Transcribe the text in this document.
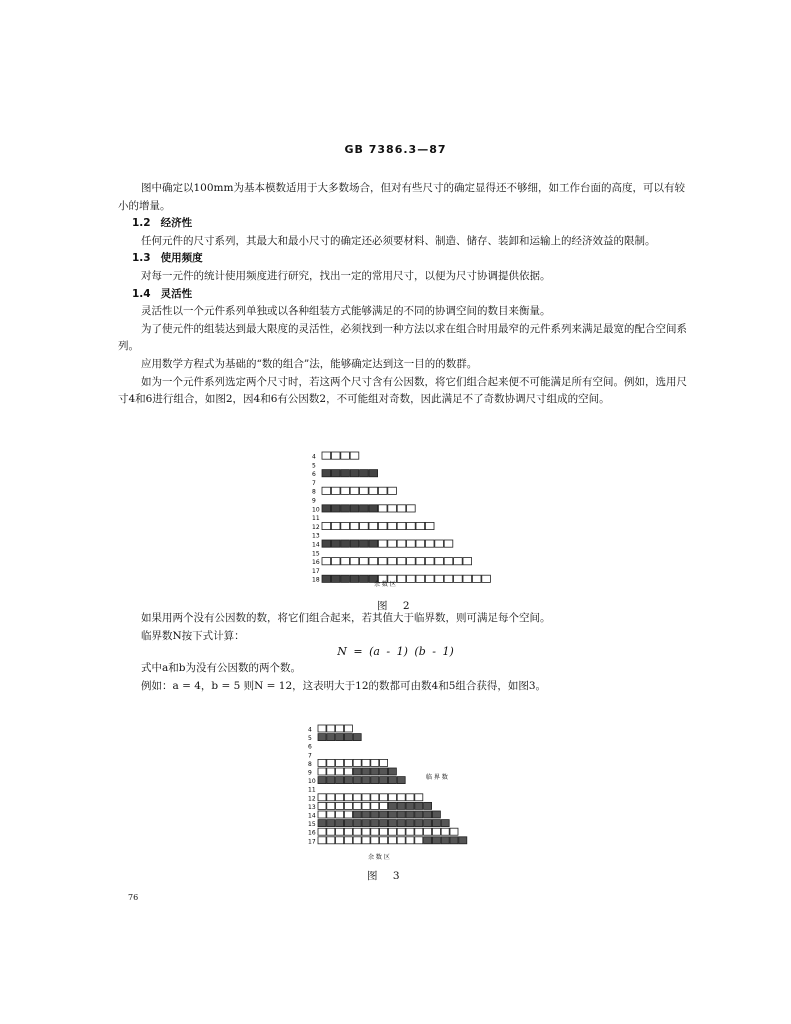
GB 7386.3—87

图中确定以100mm为基本模数适用于大多数场合，但对有些尺寸的确定显得还不够细，如工作台面的高度，可以有较小的增量。

1.2 经济性

任何元件的尺寸系列，其最大和最小尺寸的确定还必须要材料、制造、储存、装卸和运输上的经济效益的限制。

1.3 使用频度

对每一元件的统计使用频度进行研究，找出一定的常用尺寸，以便为尺寸协调提供依据。

1.4 灵活性

灵活性以一个元件系列单独或以各种组装方式能够满足的不同的协调空间的数目来衡量。

为了使元件的组装达到最大限度的灵活性，必须找到一种方法以求在组合时用最窄的元件系列来满足最宽的配合空间系列。

应用数学方程式为基础的“数的组合”法，能够确定达到这一目的的数群。

如为一个元件系列选定两个尺寸时，若这两个尺寸含有公因数，将它们组合起来便不可能满足所有空间。例如，选用尺寸4和6进行组合，如图2，因4和6有公因数2，不可能组对奇数，因此满足不了奇数协调尺寸组成的空间。

4
5
6
7
8
9
10
11
12
13
14
15
16
17
18
余 数 区
图 2

如果用两个没有公因数的数，将它们组合起来，若其值大于临界数，则可满足每个空间。

临界数N按下式计算：

N = (a - 1) (b - 1)
式中a和b为没有公因数的两个数。
例如：a = 4，b = 5 则N = 12，这表明大于12的数都可由数4和5组合获得，如图3。
4
5
6
7
8
9
10
11
12
13
14
15
16
17
临 界 数
余 数 区
图 3
76
